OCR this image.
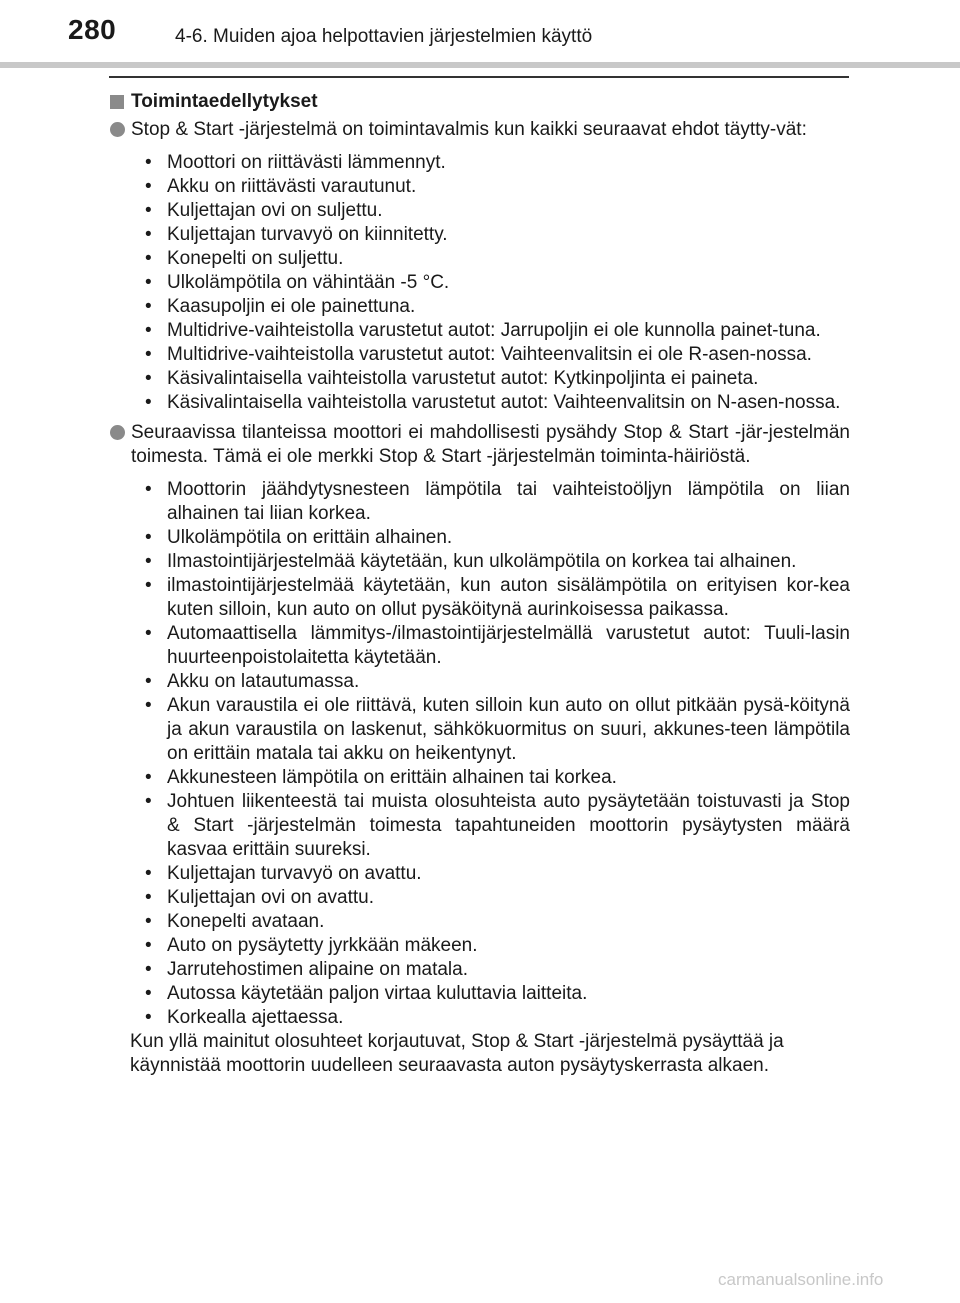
280	4-6. Muiden ajoa helpottavien järjestelmien käyttö
Toimintaedellytykset
Stop & Start -järjestelmä on toimintavalmis kun kaikki seuraavat ehdot täytty-vät:
• Moottori on riittävästi lämmennyt.
• Akku on riittävästi varautunut.
• Kuljettajan ovi on suljettu.
• Kuljettajan turvavyö on kiinnitetty.
• Konepelti on suljettu.
• Ulkolämpötila on vähintään -5 °C.
• Kaasupoljin ei ole painettuna.
• Multidrive-vaihteistolla varustetut autot: Jarrupoljin ei ole kunnolla painet-tuna.
• Multidrive-vaihteistolla varustetut autot: Vaihteenvalitsin ei ole R-asen-nossa.
• Käsivalintaisella vaihteistolla varustetut autot: Kytkinpoljinta ei paineta.
• Käsivalintaisella vaihteistolla varustetut autot: Vaihteenvalitsin on N-asen-nossa.
Seuraavissa tilanteissa moottori ei mahdollisesti pysähdy Stop & Start -jär-jestelmän toimesta. Tämä ei ole merkki Stop & Start -järjestelmän toiminta-häiriöstä.
• Moottorin jäähdytysnesteen lämpötila tai vaihteistoöljyn lämpötila on liian alhainen tai liian korkea.
• Ulkolämpötila on erittäin alhainen.
• Ilmastointijärjestelmää käytetään, kun ulkolämpötila on korkea tai alhainen.
• ilmastointijärjestelmää käytetään, kun auton sisälämpötila on erityisen kor-kea kuten silloin, kun auto on ollut pysäköitynä aurinkoisessa paikassa.
• Automaattisella lämmitys-/ilmastointijärjestelmällä varustetut autot: Tuuli-lasin huurteenpoistolaitetta käytetään.
• Akku on latautumassa.
• Akun varaustila ei ole riittävä, kuten silloin kun auto on ollut pitkään pysä-köitynä ja akun varaustila on laskenut, sähkökuormitus on suuri, akkunes-teen lämpötila on erittäin matala tai akku on heikentynyt.
• Akkunesteen lämpötila on erittäin alhainen tai korkea.
• Johtuen liikenteestä tai muista olosuhteista auto pysäytetään toistuvasti ja Stop & Start -järjestelmän toimesta tapahtuneiden moottorin pysäytysten määrä kasvaa erittäin suureksi.
• Kuljettajan turvavyö on avattu.
• Kuljettajan ovi on avattu.
• Konepelti avataan.
• Auto on pysäytetty jyrkkään mäkeen.
• Jarrutehostimen alipaine on matala.
• Autossa käytetään paljon virtaa kuluttavia laitteita.
• Korkealla ajettaessa.
Kun yllä mainitut olosuhteet korjautuvat, Stop & Start -järjestelmä pysäyttää ja käynnistää moottorin uudelleen seuraavasta auton pysäytyskerrasta alkaen.
carmanualsonline.info
